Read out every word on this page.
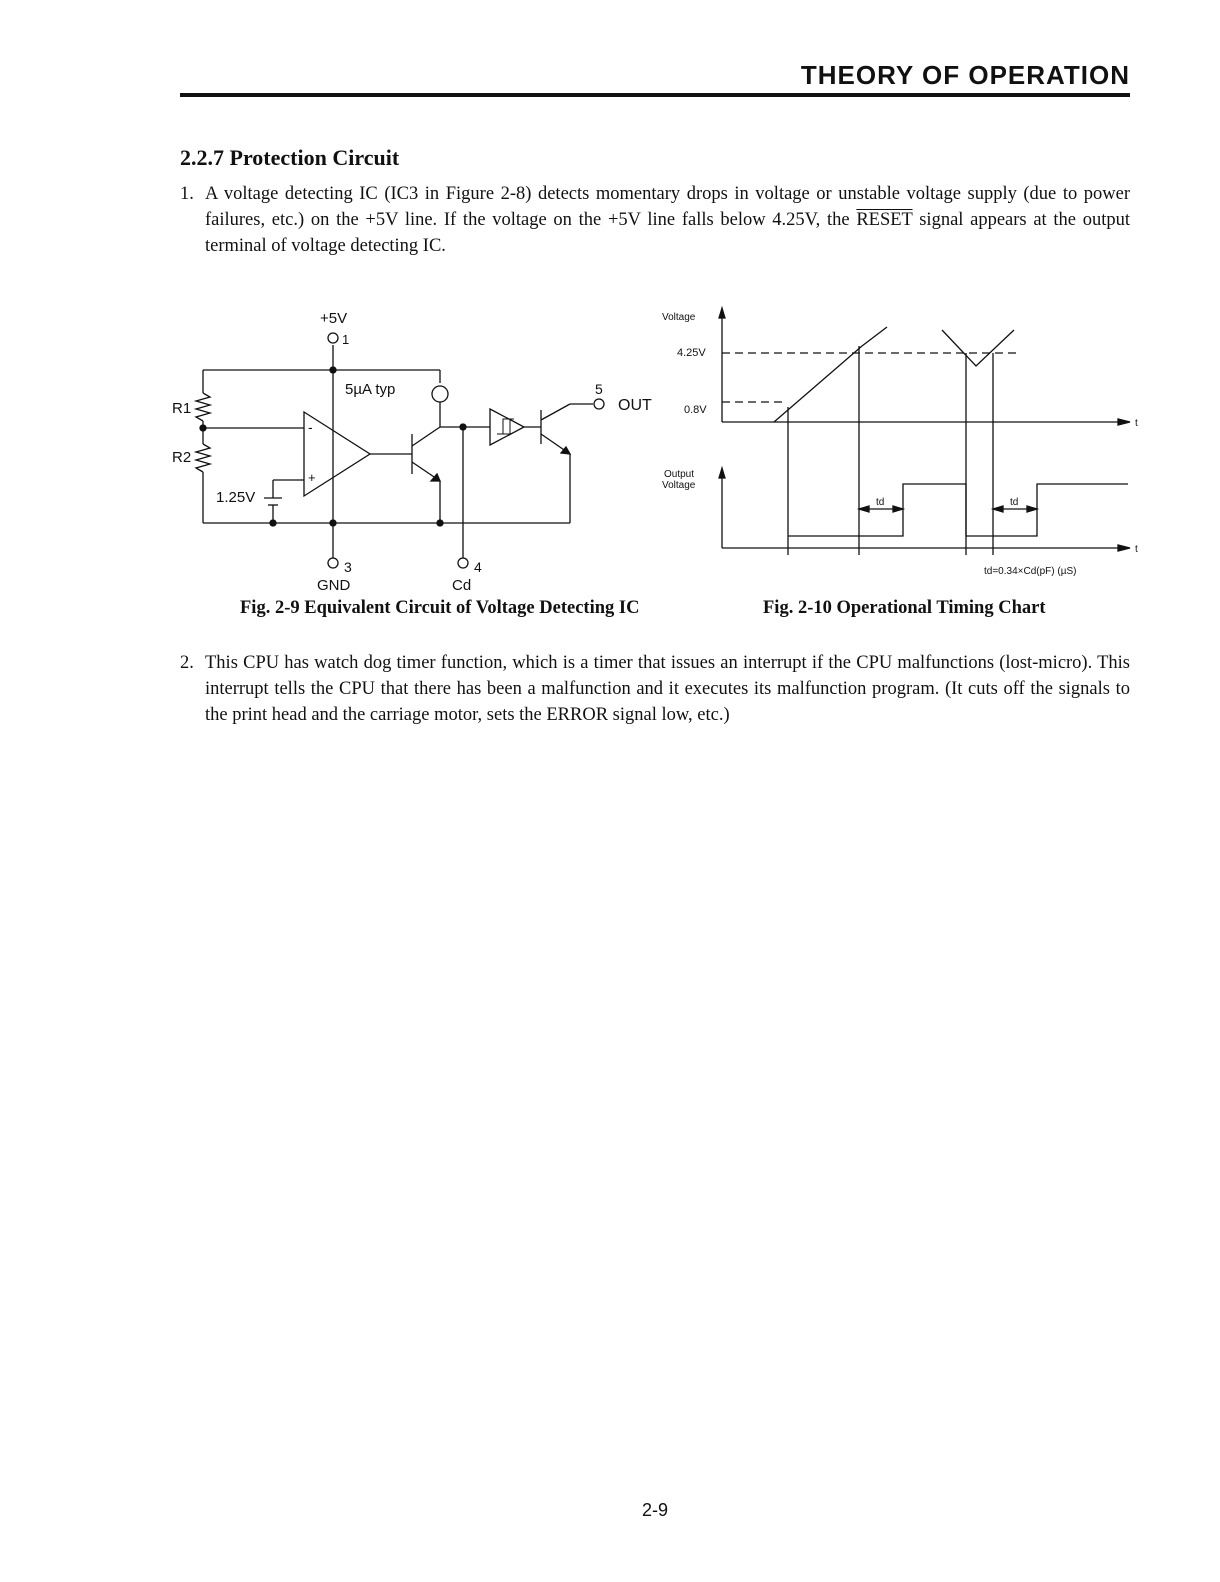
THEORY OF OPERATION
2.2.7 Protection Circuit
1. A voltage detecting IC (IC3 in Figure 2-8) detects momentary drops in voltage or unstable voltage supply (due to power failures, etc.) on the +5V line. If the voltage on the +5V line falls below 4.25V, the RESET signal appears at the output terminal of voltage detecting IC.
+5V
1
R1
R2
5µA typ	5
OUT
1.25V
-
+
3
GND
4
Cd
Voltage
4.25V
0.8V
t
Output
Voltage
t
td	td
td=0.34×Cd(pF) (µS)
Fig. 2-9 Equivalent Circuit of Voltage Detecting IC	Fig. 2-10 Operational Timing Chart
2. This CPU has watch dog timer function, which is a timer that issues an interrupt if the CPU malfunctions (lost-micro). This interrupt tells the CPU that there has been a malfunction and it executes its malfunction program. (It cuts off the signals to the print head and the carriage motor, sets the ERROR signal low, etc.)
2-9
